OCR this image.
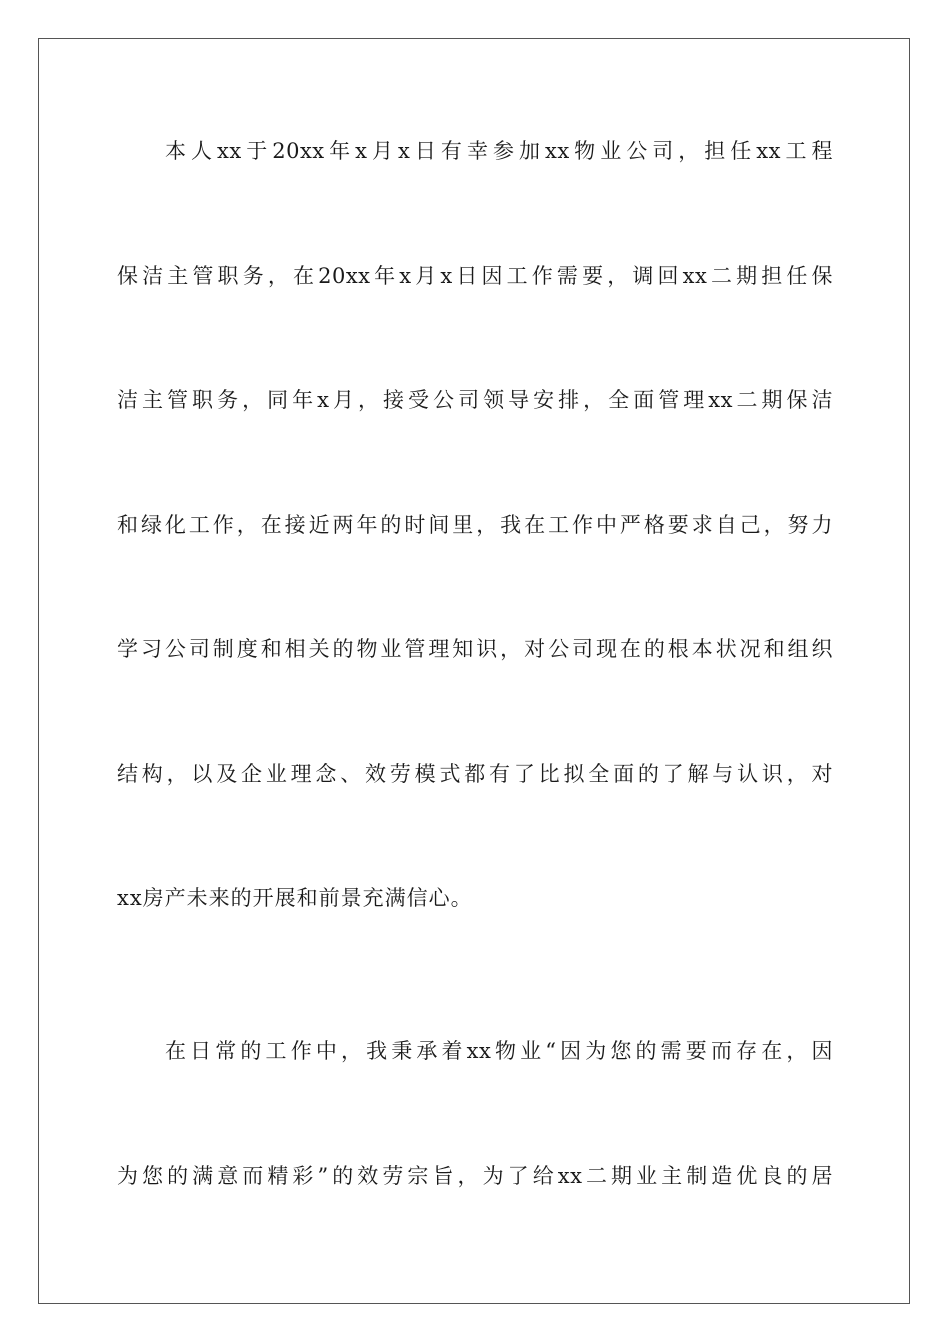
本人xx于20xx年x月x日有幸参加xx物业公司，担任xx工程
保洁主管职务，在20xx年x月x日因工作需要，调回xx二期担任保
洁主管职务，同年x月，接受公司领导安排，全面管理xx二期保洁
和绿化工作，在接近两年的时间里，我在工作中严格要求自己，努力
学习公司制度和相关的物业管理知识，对公司现在的根本状况和组织
结构，以及企业理念、效劳模式都有了比拟全面的了解与认识，对
xx房产未来的开展和前景充满信心。
在日常的工作中，我秉承着xx物业“因为您的需要而存在，因
为您的满意而精彩”的效劳宗旨，为了给xx二期业主制造优良的居
